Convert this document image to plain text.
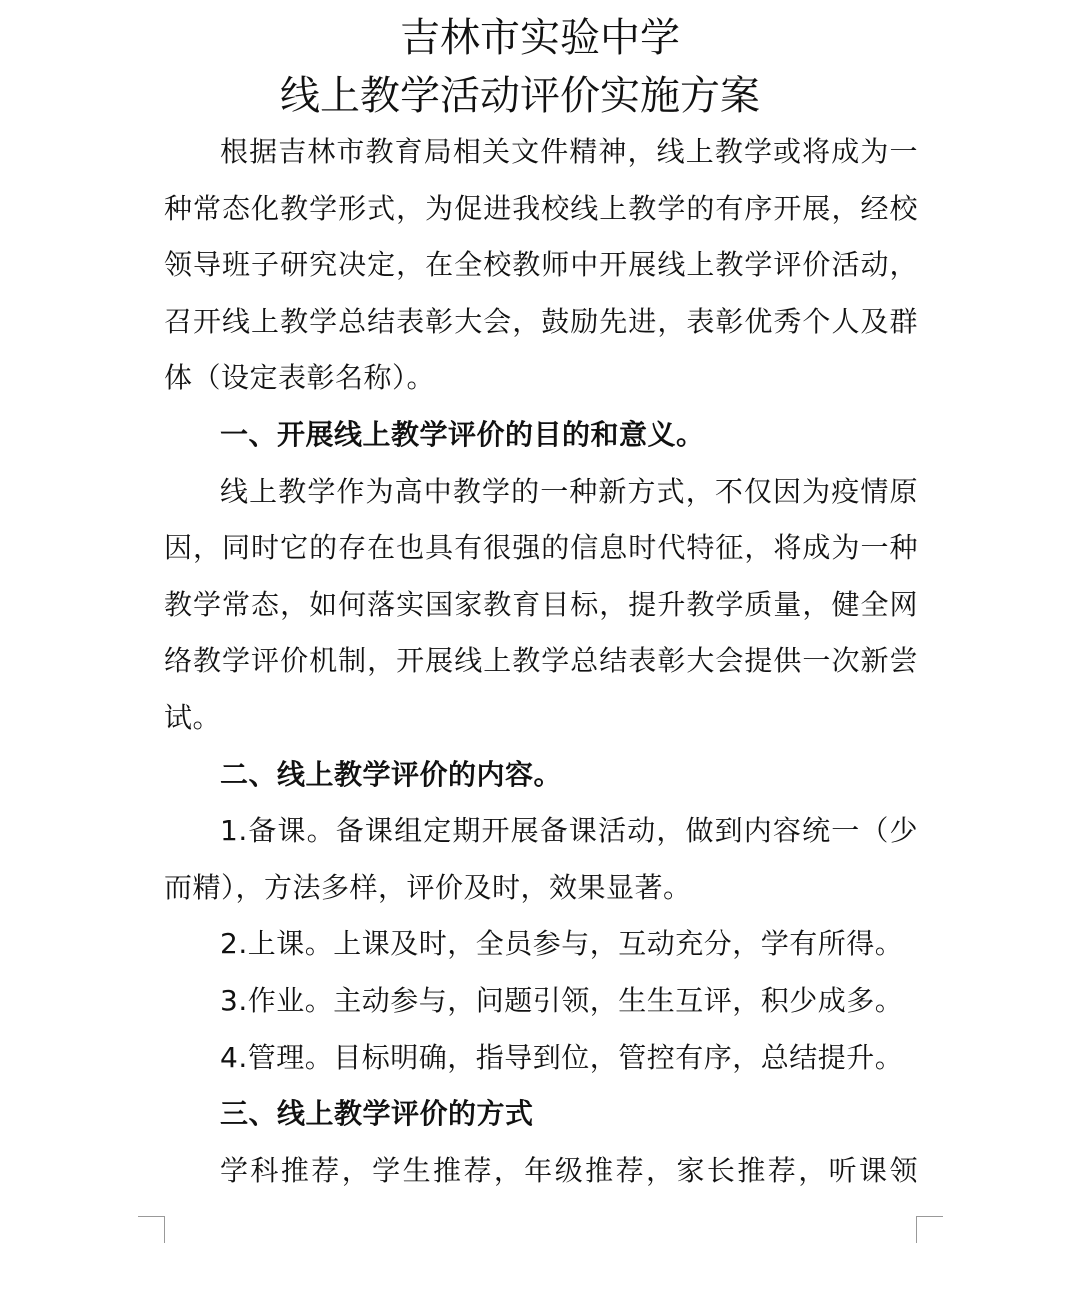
吉林市实验中学
线上教学活动评价实施方案

根据吉林市教育局相关文件精神，线上教学或将成为一种常态化教学形式，为促进我校线上教学的有序开展，经校领导班子研究决定，在全校教师中开展线上教学评价活动，召开线上教学总结表彰大会，鼓励先进，表彰优秀个人及群体（设定表彰名称）。

一、开展线上教学评价的目的和意义。

线上教学作为高中教学的一种新方式，不仅因为疫情原因，同时它的存在也具有很强的信息时代特征，将成为一种教学常态，如何落实国家教育目标，提升教学质量，健全网络教学评价机制，开展线上教学总结表彰大会提供一次新尝试。

二、线上教学评价的内容。

1.备课。备课组定期开展备课活动，做到内容统一（少而精），方法多样，评价及时，效果显著。

2.上课。上课及时，全员参与，互动充分，学有所得。

3.作业。主动参与，问题引领，生生互评，积少成多。

4.管理。目标明确，指导到位，管控有序，总结提升。

三、线上教学评价的方式

学科推荐，学生推荐，年级推荐，家长推荐，听课领
